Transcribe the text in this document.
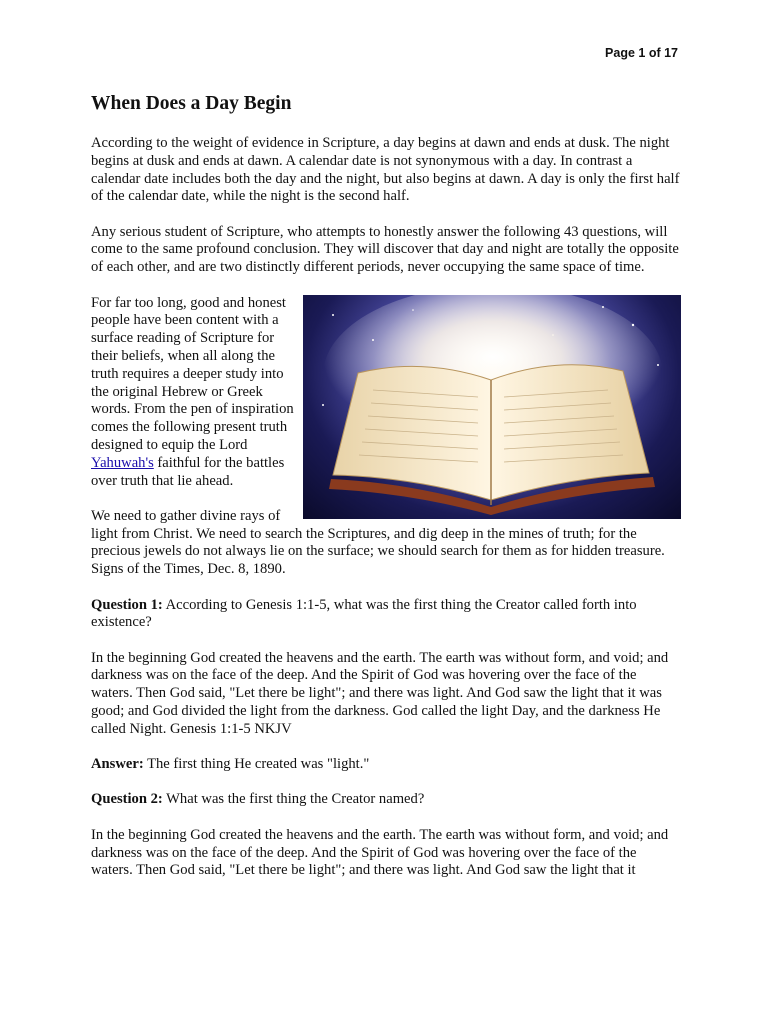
Page 1 of 17
When Does a Day Begin

According to the weight of evidence in Scripture, a day begins at dawn and ends at dusk. The night begins at dusk and ends at dawn. A calendar date is not synonymous with a day. In contrast a calendar date includes both the day and the night, but also begins at dawn. A day is only the first half of the calendar date, while the night is the second half.

Any serious student of Scripture, who attempts to honestly answer the following 43 questions, will come to the same profound conclusion. They will discover that day and night are totally the opposite of each other, and are two distinctly different periods, never occupying the same space of time.

For far too long, good and honest people have been content with a surface reading of Scripture for their beliefs, when all along the truth requires a deeper study into the original Hebrew or Greek words. From the pen of inspiration comes the following present truth designed to equip the Lord Yahuwah's faithful for the battles over truth that lie ahead.

We need to gather divine rays of light from Christ. We need to search the Scriptures, and dig deep in the mines of truth; for the precious jewels do not always lie on the surface; we should search for them as for hidden treasure. Signs of the Times, Dec. 8, 1890.

Question 1: According to Genesis 1:1-5, what was the first thing the Creator called forth into existence?

In the beginning God created the heavens and the earth. The earth was without form, and void; and darkness was on the face of the deep. And the Spirit of God was hovering over the face of the waters. Then God said, "Let there be light"; and there was light. And God saw the light that it was good; and God divided the light from the darkness. God called the light Day, and the darkness He called Night. Genesis 1:1-5 NKJV

Answer: The first thing He created was "light."

Question 2: What was the first thing the Creator named?

In the beginning God created the heavens and the earth. The earth was without form, and void; and darkness was on the face of the deep. And the Spirit of God was hovering over the face of the waters. Then God said, "Let there be light"; and there was light. And God saw the light that it
